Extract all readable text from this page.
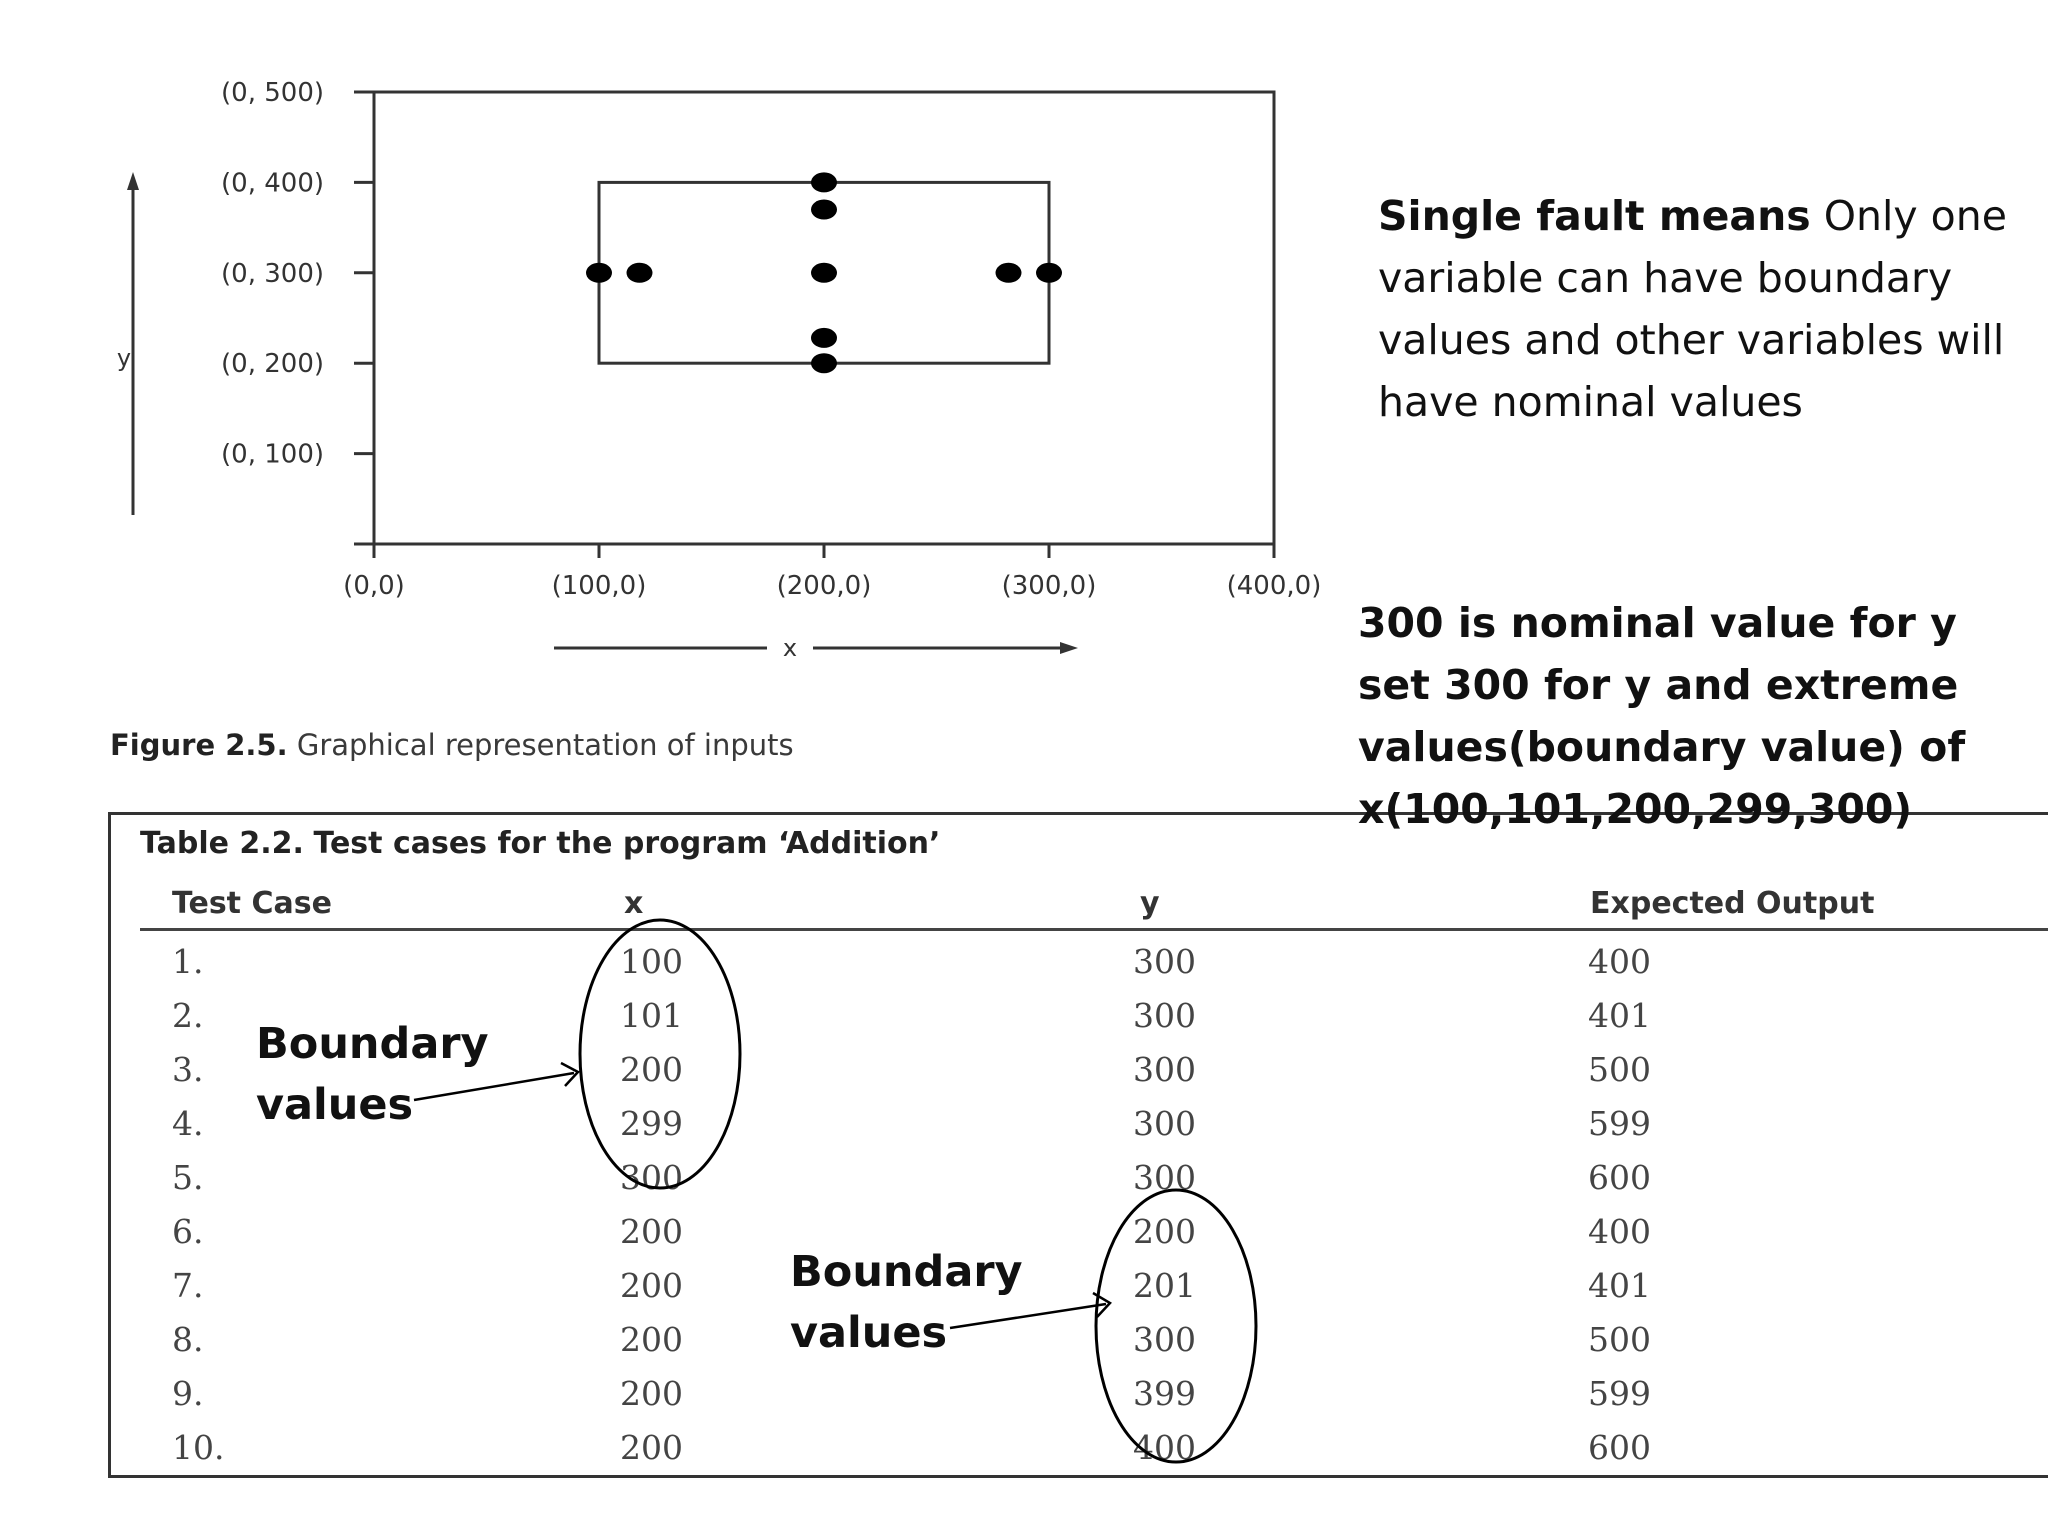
(0, 100)
(0, 200)
(0, 300)
(0, 400)
(0, 500)
(0,0)	(100,0)	(200,0)	(300,0)	(400,0)
y
x
Figure 2.5. Graphical representation of inputs
Single fault means Only one variable can have boundary values and other variables will have nominal values
Table 2.2. Test cases for the program ‘Addition’
Test Case	x	y	Expected Output
1.	100	300	400
2.	101	300	401
3.	200	300	500
4.	299	300	599
5.	300	300	600
6.	200	200	400
7.	200	201	401
8.	200	300	500
9.	200	399	599
10.	200	400	600
300 is nominal value for y
set 300 for y and extreme
values(boundary value) of
x(100,101,200,299,300)
Boundary
values
Boundary
values
